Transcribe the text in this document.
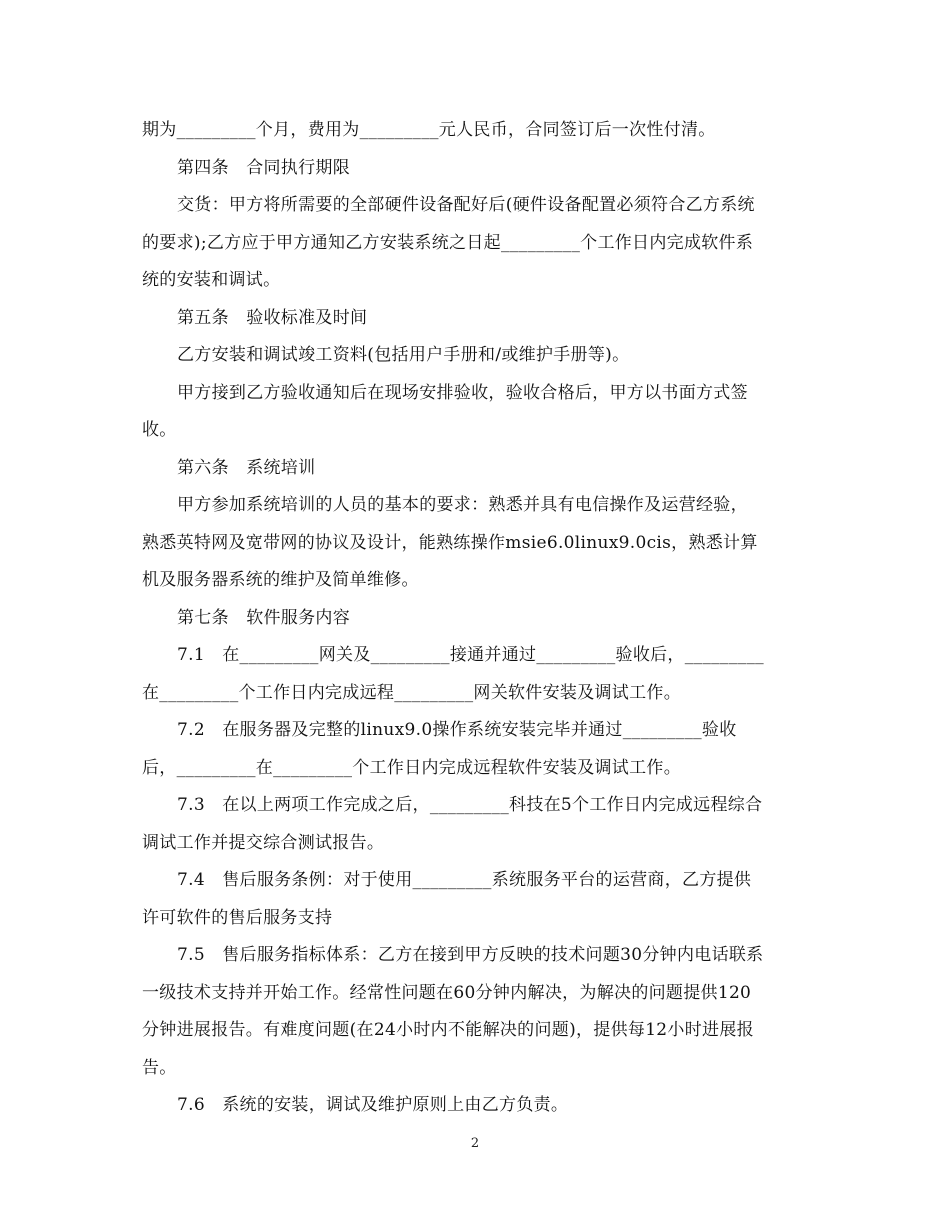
期为_________个月，费用为_________元人民币，合同签订后一次性付清。
第四条　合同执行期限
交货：甲方将所需要的全部硬件设备配好后(硬件设备配置必须符合乙方系统
的要求);乙方应于甲方通知乙方安装系统之日起_________个工作日内完成软件系
统的安装和调试。
第五条　验收标准及时间
乙方安装和调试竣工资料(包括用户手册和/或维护手册等)。
甲方接到乙方验收通知后在现场安排验收，验收合格后，甲方以书面方式签
收。
第六条　系统培训
甲方参加系统培训的人员的基本的要求：熟悉并具有电信操作及运营经验，
熟悉英特网及宽带网的协议及设计，能熟练操作msie6.0linux9.0cis，熟悉计算
机及服务器系统的维护及简单维修。
第七条　软件服务内容
7.1　在_________网关及_________接通并通过_________验收后，_________
在_________个工作日内完成远程_________网关软件安装及调试工作。
7.2　在服务器及完整的linux9.0操作系统安装完毕并通过_________验收
后，_________在_________个工作日内完成远程软件安装及调试工作。
7.3　在以上两项工作完成之后，_________科技在5个工作日内完成远程综合
调试工作并提交综合测试报告。
7.4　售后服务条例：对于使用_________系统服务平台的运营商，乙方提供
许可软件的售后服务支持
7.5　售后服务指标体系：乙方在接到甲方反映的技术问题30分钟内电话联系
一级技术支持并开始工作。经常性问题在60分钟内解决，为解决的问题提供120
分钟进展报告。有难度问题(在24小时内不能解决的问题)，提供每12小时进展报
告。
7.6　系统的安装，调试及维护原则上由乙方负责。
2
